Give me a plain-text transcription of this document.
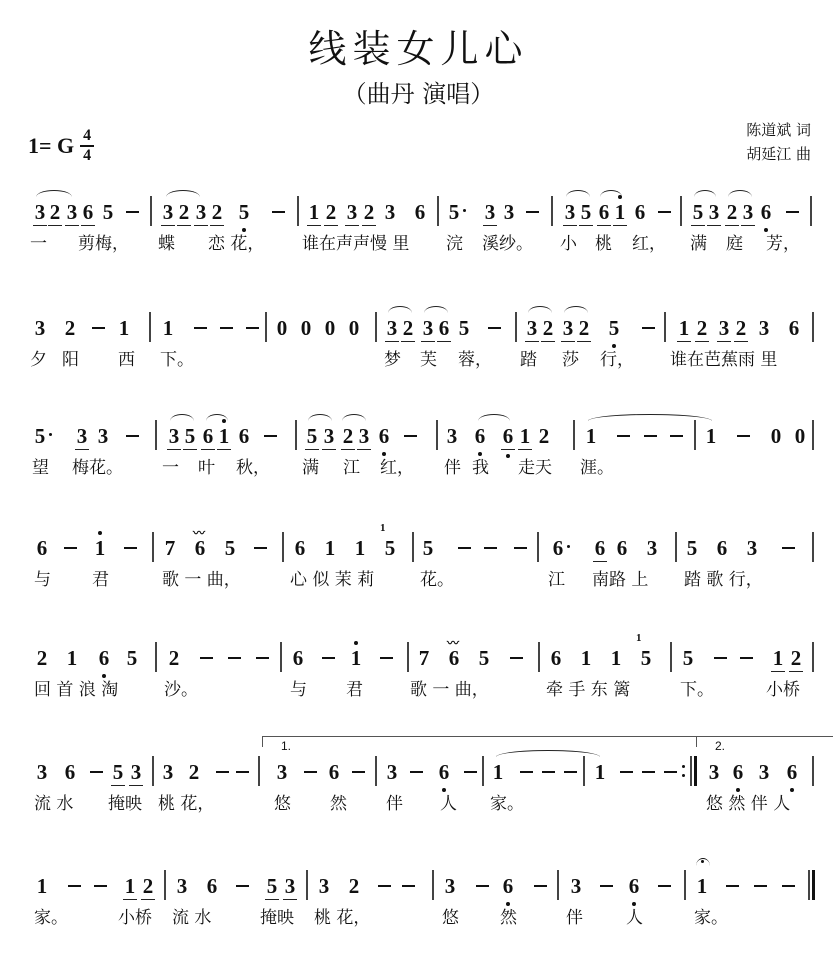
线装女儿心
（曲丹 演唱）
1= G $\frac{4}{4}$	陈道斌 词
胡延江 曲
3 2 3 6 5 3 2 3 2 5	1 2 3 2 3 6 5 3 3 3 5 6 1 6 5 3 2 3 6
一 剪梅， 蝶 恋 花， 谁在声声慢 里 浣 溪纱。 小 桃 红， 满 庭 芳，
3 2 1 1	0 0 0 0 3 2 3 6 5	3 2 3 2 5	1 2 3 2 3 6
夕 阳 西 下。	梦 芙 蓉， 踏 莎 行， 谁在芭蕉雨 里
5 3 3	3 5 6 1 6	5 3 2 3 6	3 6 6 1 2 1	1	0 0
望 梅花。 一 叶 秋， 满 江 红， 伴 我 走天 涯。
6 1	7 6 5	6 1 1 5 5	6 6 6 3 5 6 3
〰	1
与 君	歌 一 曲，	心 似 茉 莉	花。	江 南路 上 踏 歌 行，
2 1 6 5 2	6 1	7 6 5	6 1 1 5 5	1 2
〰	1
回 首 浪 淘	沙。	与 君	歌 一 曲，	牵 手 东 篱	下。	小桥
3 6 5 3 3 2	3 6 3 6 1	1	3 6 3 6
1.	2.
流 水 掩映 桃 花，	悠 然 伴 人 家。	悠 然 伴 人
1	1 2 3 6 5 3 3 2	3 6	3 6	1
家。	小桥 流 水	掩映 桃 花，	悠 然	伴	人	家。
